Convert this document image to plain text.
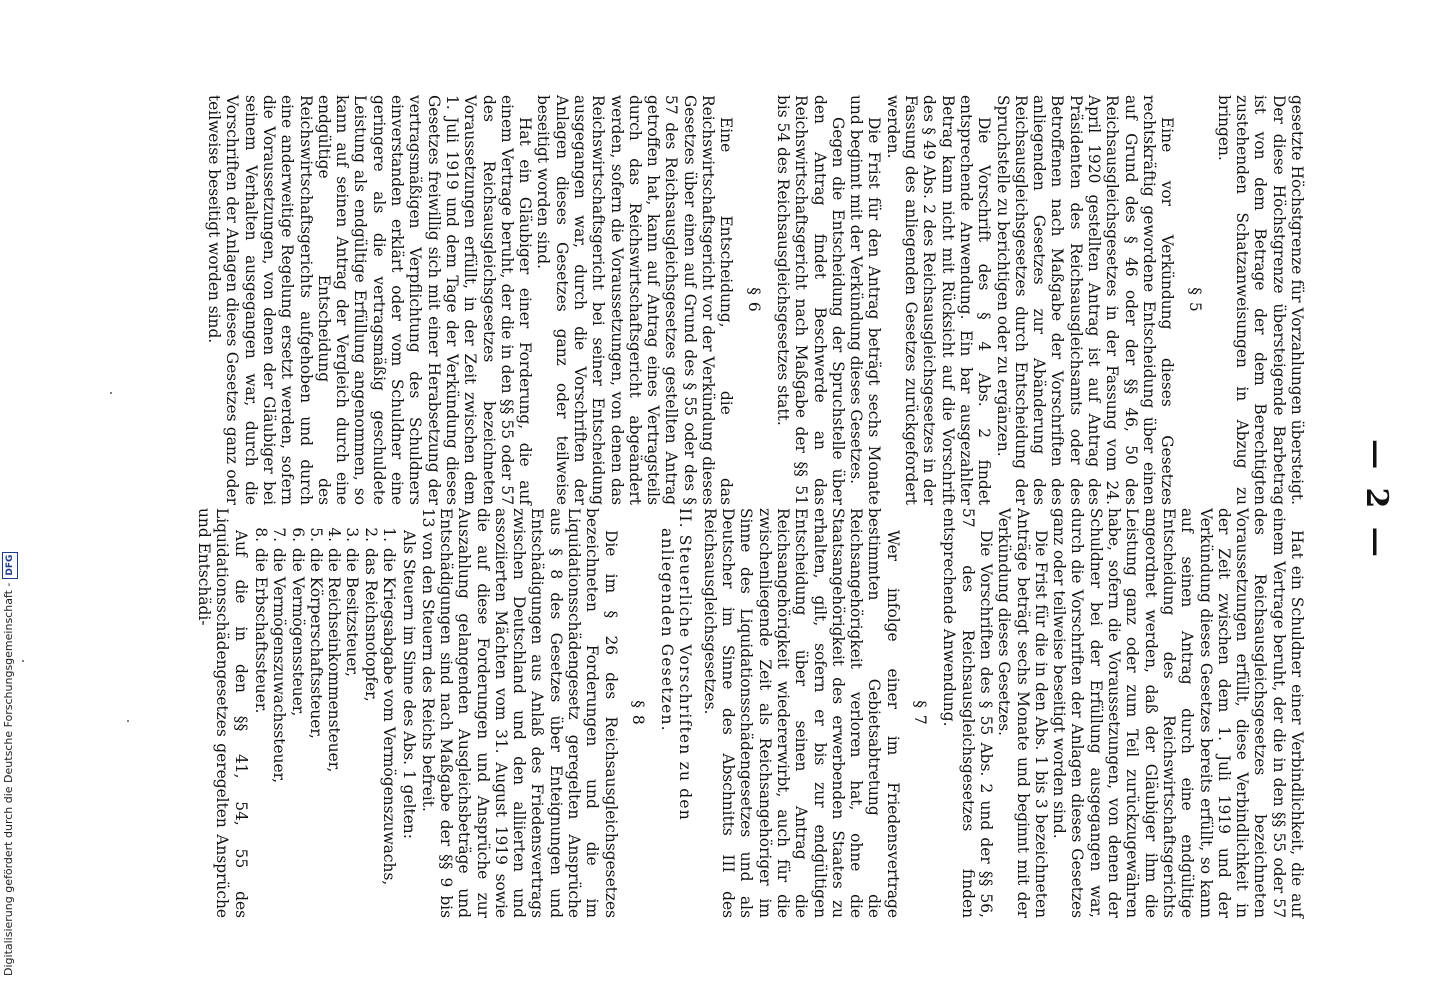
— 2 —

gesetzte Höchstgrenze für Vorzahlungen übersteigt. Der diese Höchstgrenze übersteigende Barbetrag ist von dem Betrage der dem Berechtigten zustehenden Schatzanweisungen in Abzug zu bringen.

§ 5

Eine vor Verkündung dieses Gesetzes rechtskräftig gewordene Entscheidung über einen auf Grund des § 46 oder der §§ 46, 50 des Reichsausgleichsgesetzes in der Fassung vom 24. April 1920 gestellten Antrag ist auf Antrag des Präsidenten des Reichsausgleichsamts oder des Betroffenen nach Maßgabe der Vorschriften des anliegenden Gesetzes zur Abänderung des Reichsausgleichsgesetzes durch Entscheidung der Spruchstelle zu berichtigen oder zu ergänzen.

Die Vorschrift des § 4 Abs. 2 findet entsprechende Anwendung. Ein bar ausgezahlter Betrag kann nicht mit Rücksicht auf die Vorschrift des § 49 Abs. 2 des Reichsausgleichsgesetzes in der Fassung des anliegenden Gesetzes zurückgefordert werden.

Die Frist für den Antrag beträgt sechs Monate und beginnt mit der Verkündung dieses Gesetzes.

Gegen die Entscheidung der Spruchstelle über den Antrag findet Beschwerde an das Reichswirtschaftsgericht nach Maßgabe der §§ 51 bis 54 des Reichsausgleichsgesetzes statt.

§ 6

Eine Entscheidung, die das Reichswirtschaftsgericht vor der Verkündung dieses Gesetzes über einen auf Grund des § 55 oder des § 57 des Reichsausgleichsgesetzes gestellten Antrag getroffen hat, kann auf Antrag eines Vertragsteils durch das Reichswirtschaftsgericht abgeändert werden, sofern die Voraussetzungen, von denen das Reichswirtschaftsgericht bei seiner Entscheidung ausgegangen war, durch die Vorschriften der Anlagen dieses Gesetzes ganz oder teilweise beseitigt worden sind.

Hat ein Gläubiger einer Forderung, die auf einem Vertrage beruht, der die in den §§ 55 oder 57 des Reichsausgleichsgesetzes bezeichneten Voraussetzungen erfüllt, in der Zeit zwischen dem 1. Juli 1919 und dem Tage der Verkündung dieses Gesetzes freiwillig sich mit einer Herabsetzung der vertragsmäßigen Verpflichtung des Schuldners einverstanden erklärt oder vom Schuldner eine geringere als die vertragsmäßig geschuldete Leistung als endgültige Erfüllung angenommen, so kann auf seinen Antrag der Vergleich durch eine endgültige Entscheidung des Reichswirtschaftsgerichts aufgehoben und durch eine anderweitige Regelung ersetzt werden, sofern die Voraussetzungen, von denen der Gläubiger bei seinem Verhalten ausgegangen war, durch die Vorschriften der Anlagen dieses Gesetzes ganz oder teilweise beseitigt worden sind.

Hat ein Schuldner einer Verbindlichkeit, die auf einem Vertrage beruht, der die in den §§ 55 oder 57 des Reichsausgleichsgesetzes bezeichneten Voraussetzungen erfüllt, diese Verbindlichkeit in der Zeit zwischen dem 1. Juli 1919 und der Verkündung dieses Gesetzes bereits erfüllt, so kann auf seinen Antrag durch eine endgültige Entscheidung des Reichswirtschaftsgerichts angeordnet werden, daß der Gläubiger ihm die Leistung ganz oder zum Teil zurückzugewähren habe, sofern die Voraussetzungen, von denen der Schuldner bei der Erfüllung ausgegangen war, durch die Vorschriften der Anlagen dieses Gesetzes ganz oder teilweise beseitigt worden sind.

Die Frist für die in den Abs. 1 bis 3 bezeichneten Anträge beträgt sechs Monate und beginnt mit der Verkündung dieses Gesetzes.

Die Vorschriften des § 55 Abs. 2 und der §§ 56, 57 des Reichsausgleichsgesetzes finden entsprechende Anwendung.

§ 7

Wer infolge einer im Friedensvertrage bestimmten Gebietsabtretung die Reichsangehörigkeit verloren hat, ohne die Staatsangehörigkeit des erwerbenden Staates zu erhalten, gilt, sofern er bis zur endgültigen Entscheidung über seinen Antrag die Reichsangehörigkeit wiedererwirbt, auch für die zwischenliegende Zeit als Reichsangehöriger im Sinne des Liquidationsschädengesetzes und als Deutscher im Sinne des Abschnitts III des Reichsausgleichsgesetzes.

II.Steuerliche Vorschriften zu den anliegenden Gesetzen.
§ 8

Die im § 26 des Reichsausgleichsgesetzes bezeichneten Forderungen und die im Liquidationsschädengesetz geregelten Ansprüche aus § 8 des Gesetzes über Enteignungen und Entschädigungen aus Anlaß des Friedensvertrags zwischen Deutschland und den alliierten und assoziierten Mächten vom 31. August 1919 sowie die auf diese Forderungen und Ansprüche zur Auszahlung gelangenden Ausgleichsbeträge und Entschädigungen sind nach Maßgabe der §§ 9 bis 13 von den Steuern des Reichs befreit.

Als Steuern im Sinne des Abs. 1 gelten:

1.
die Kriegsabgabe vom Vermögenszuwachs,
2.
das Reichsnotopfer,
3.
die Besitzsteuer,
4.
die Reichseinkommensteuer,
5.
die Körperschaftssteuer,
6.
die Vermögenssteuer,
7.
die Vermögenszuwachssteuer,
8.
die Erbschaftssteuer.

Auf die in den §§ 41, 54, 55 des Liquidationsschädengesetzes geregelten Ansprüche und Entschädi-

Digitalisierung gefördert durch die Deutsche Forschungsgemeinschaft -DFG
